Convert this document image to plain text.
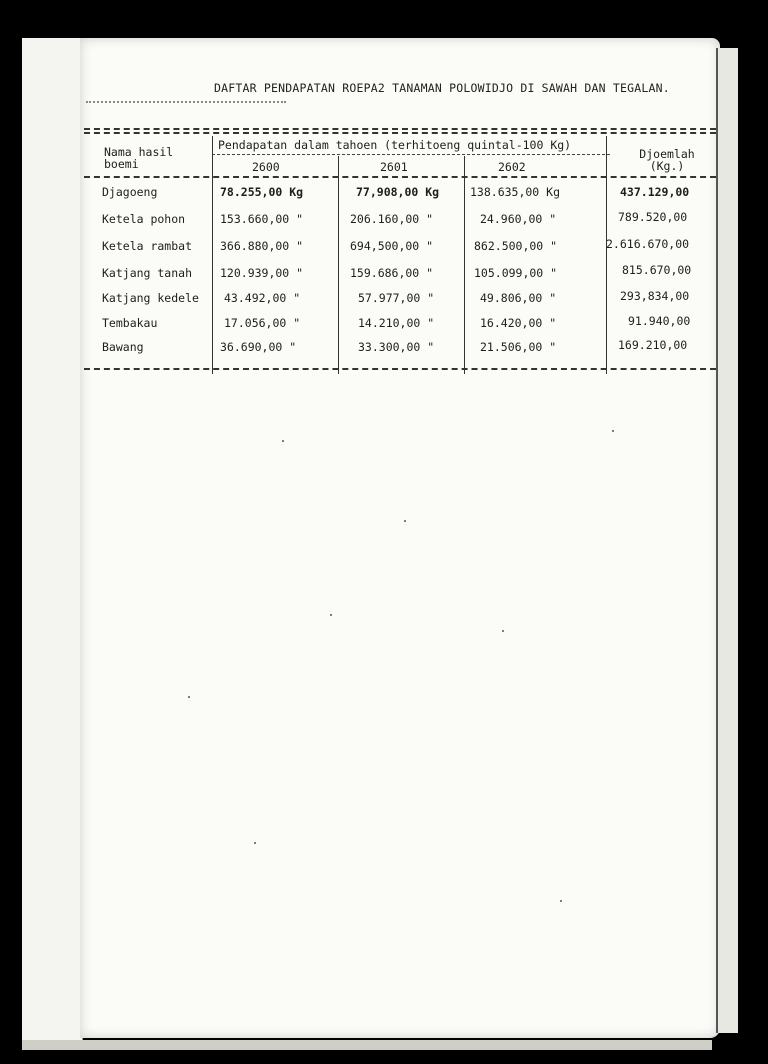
DAFTAR PENDAPATAN ROEPA2 TANAMAN POLOWIDJO DI SAWAH DAN TEGALAN.
Nama hasil boemi
Pendapatan dalam tahoen (terhitoeng quintal-100 Kg)
2600	2601	2602
Djoemlah (Kg.)
Djagoeng	78.255,00 Kg	77,908,00 Kg	138.635,00 Kg	437.129,00
Ketela pohon	153.660,00 "	206.160,00 "	24.960,00 "	789.520,00
Ketela rambat 366.880,00 "	694,500,00 "	862.500,00 "	2.616.670,00
Katjang tanah 120.939,00 "	159.686,00 "	105.099,00 "	815.670,00
Katjang kedele 43.492,00 "	57.977,00 "	49.806,00 "	293,834,00
Tembakau	17.056,00 "	14.210,00 "	16.420,00 "	91.940,00
Bawang	36.690,00 "	33.300,00 "	21.506,00 "	169.210,00
